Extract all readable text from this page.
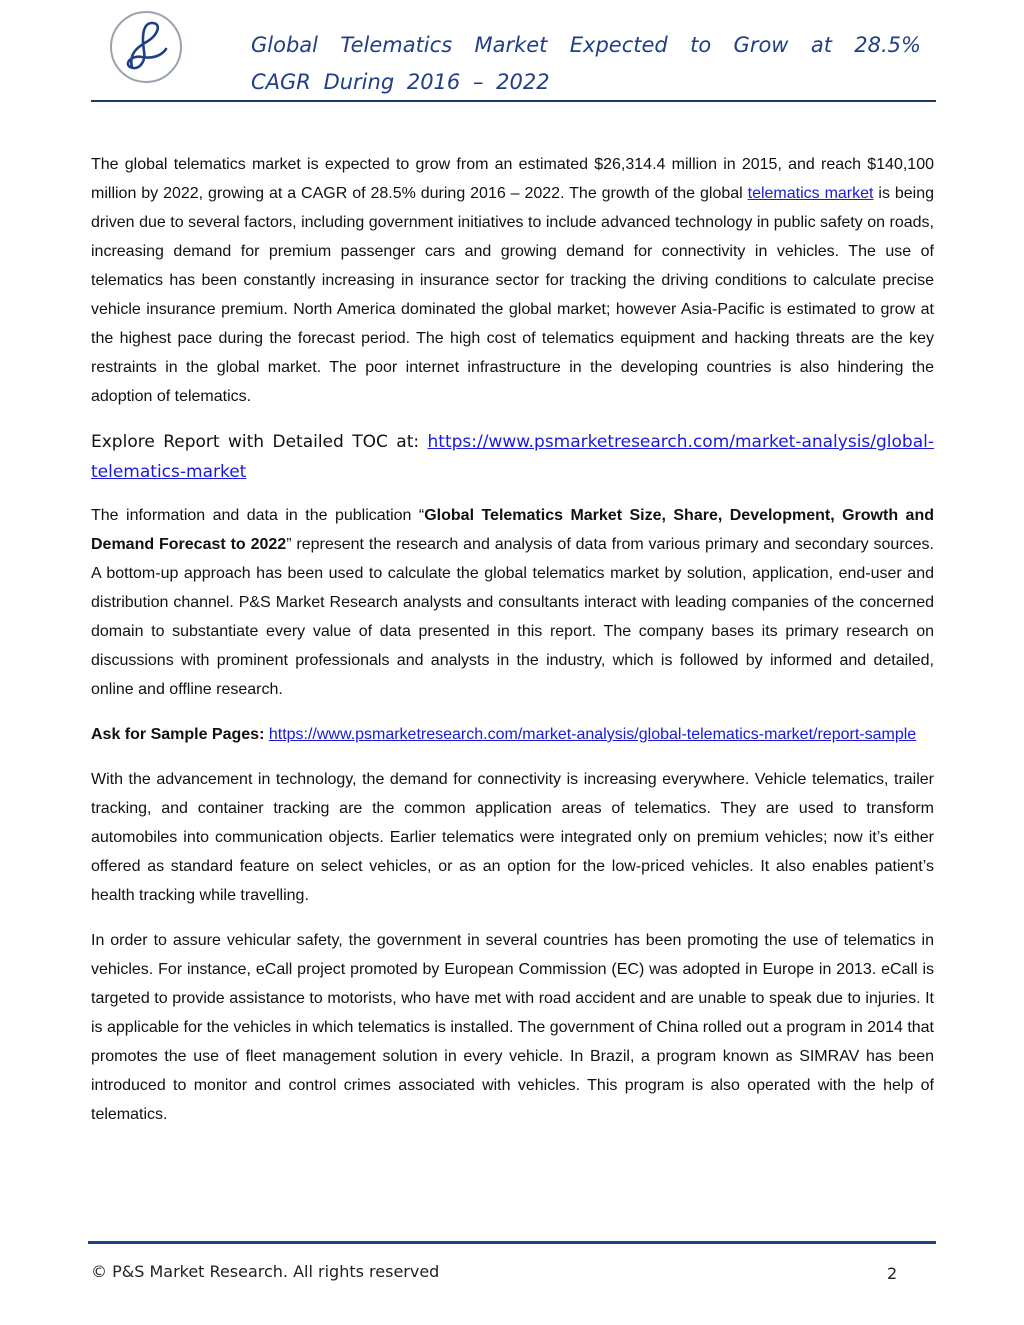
Global Telematics Market Expected to Grow at 28.5% CAGR During 2016 – 2022

The global telematics market is expected to grow from an estimated $26,314.4 million in 2015, and reach $140,100 million by 2022, growing at a CAGR of 28.5% during 2016 – 2022. The growth of the global telematics market is being driven due to several factors, including government initiatives to include advanced technology in public safety on roads, increasing demand for premium passenger cars and growing demand for connectivity in vehicles. The use of telematics has been constantly increasing in insurance sector for tracking the driving conditions to calculate precise vehicle insurance premium. North America dominated the global market; however Asia-Pacific is estimated to grow at the highest pace during the forecast period. The high cost of telematics equipment and hacking threats are the key restraints in the global market. The poor internet infrastructure in the developing countries is also hindering the adoption of telematics.

Explore Report with Detailed TOC at: https://www.psmarketresearch.com/market-analysis/global-telematics-market

The information and data in the publication “Global Telematics Market Size, Share, Development, Growth and Demand Forecast to 2022” represent the research and analysis of data from various primary and secondary sources. A bottom-up approach has been used to calculate the global telematics market by solution, application, end-user and distribution channel. P&S Market Research analysts and consultants interact with leading companies of the concerned domain to substantiate every value of data presented in this report. The company bases its primary research on discussions with prominent professionals and analysts in the industry, which is followed by informed and detailed, online and offline research.

Ask for Sample Pages: https://www.psmarketresearch.com/market-analysis/global-telematics-market/report-sample

With the advancement in technology, the demand for connectivity is increasing everywhere. Vehicle telematics, trailer tracking, and container tracking are the common application areas of telematics. They are used to transform automobiles into communication objects. Earlier telematics were integrated only on premium vehicles; now it’s either offered as standard feature on select vehicles, or as an option for the low-priced vehicles. It also enables patient’s health tracking while travelling.

In order to assure vehicular safety, the government in several countries has been promoting the use of telematics in vehicles. For instance, eCall project promoted by European Commission (EC) was adopted in Europe in 2013. eCall is targeted to provide assistance to motorists, who have met with road accident and are unable to speak due to injuries. It is applicable for the vehicles in which telematics is installed. The government of China rolled out a program in 2014 that promotes the use of fleet management solution in every vehicle. In Brazil, a program known as SIMRAV has been introduced to monitor and control crimes associated with vehicles. This program is also operated with the help of telematics.

© P&S Market Research. All rights reserved	2
